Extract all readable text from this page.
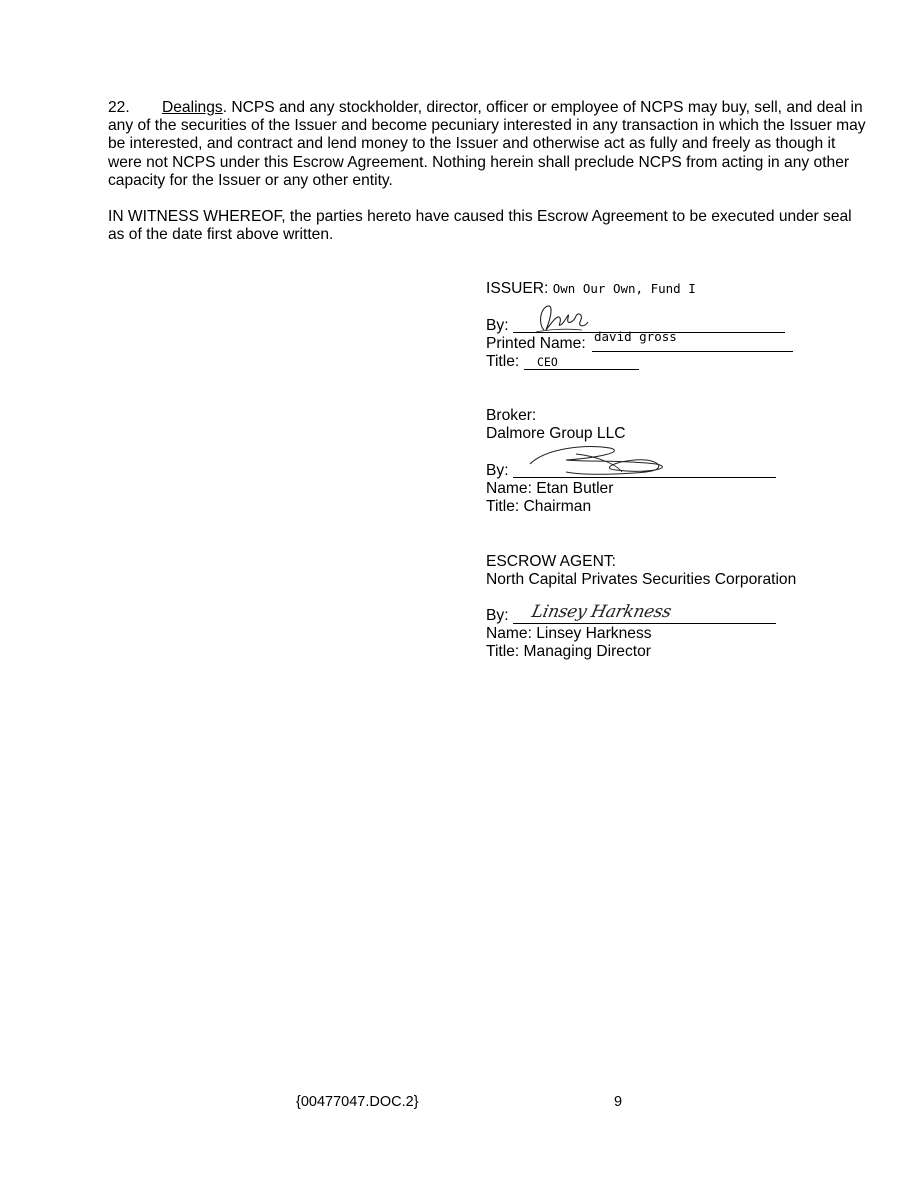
22. Dealings. NCPS and any stockholder, director, officer or employee of NCPS may buy, sell, and deal in any of the securities of the Issuer and become pecuniary interested in any transaction in which the Issuer may be interested, and contract and lend money to the Issuer and otherwise act as fully and freely as though it were not NCPS under this Escrow Agreement. Nothing herein shall preclude NCPS from acting in any other capacity for the Issuer or any other entity.
IN WITNESS WHEREOF, the parties hereto have caused this Escrow Agreement to be executed under seal as of the date first above written.
ISSUER: Own Our Own, Fund I
By:
Printed Name: david gross
Title: CEO
Broker:
Dalmore Group LLC
By:
Name: Etan Butler
Title: Chairman
ESCROW AGENT:
North Capital Privates Securities Corporation
By: Linsey Harkness
Name: Linsey Harkness
Title: Managing Director
{00477047.DOC.2}	9
